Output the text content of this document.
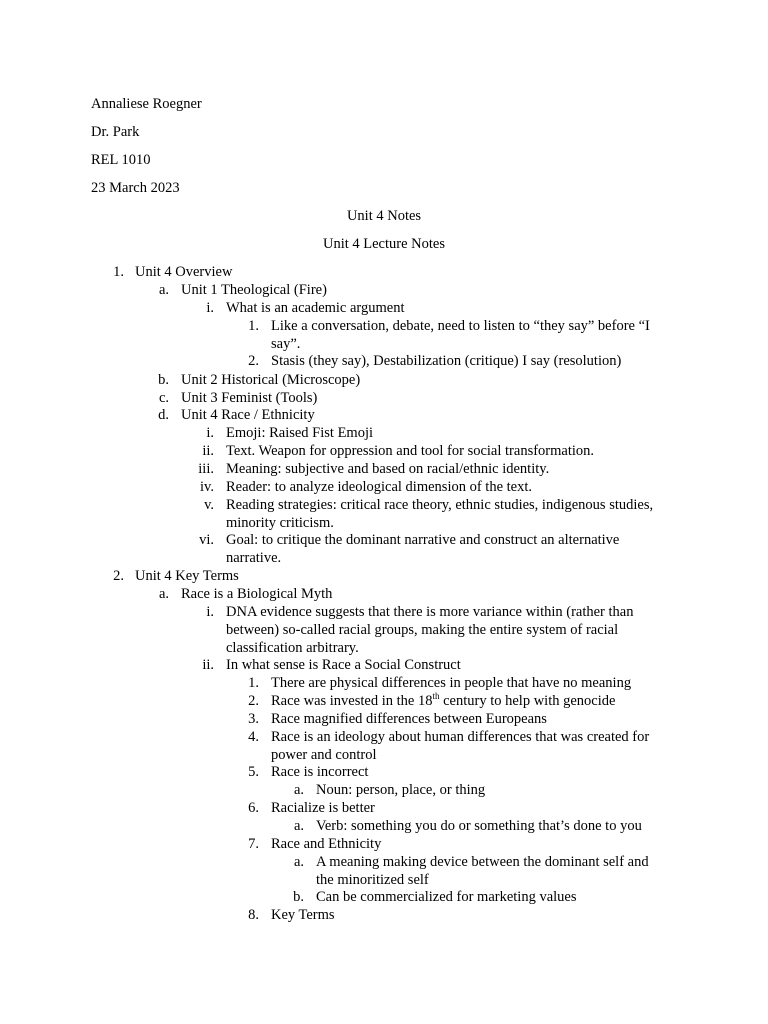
Annaliese Roegner
Dr. Park
REL 1010
23 March 2023
Unit 4 Notes
Unit 4 Lecture Notes
1. Unit 4 Overview
a. Unit 1 Theological (Fire)
i. What is an academic argument
1. Like a conversation, debate, need to listen to “they say” before “I
say”.
2. Stasis (they say), Destabilization (critique) I say (resolution)
b. Unit 2 Historical (Microscope)
c. Unit 3 Feminist (Tools)
d. Unit 4 Race / Ethnicity
i. Emoji: Raised Fist Emoji
ii. Text. Weapon for oppression and tool for social transformation.
iii. Meaning: subjective and based on racial/ethnic identity.
iv. Reader: to analyze ideological dimension of the text.
v. Reading strategies: critical race theory, ethnic studies, indigenous studies,
minority criticism.
vi. Goal: to critique the dominant narrative and construct an alternative
narrative.
2. Unit 4 Key Terms
a. Race is a Biological Myth
i. DNA evidence suggests that there is more variance within (rather than
between) so-called racial groups, making the entire system of racial
classification arbitrary.
ii. In what sense is Race a Social Construct
1. There are physical differences in people that have no meaning
2. Race was invested in the 18th century to help with genocide
3. Race magnified differences between Europeans
4. Race is an ideology about human differences that was created for
power and control
5. Race is incorrect
a. Noun: person, place, or thing
6. Racialize is better
a. Verb: something you do or something that’s done to you
7. Race and Ethnicity
a. A meaning making device between the dominant self and
the minoritized self
b. Can be commercialized for marketing values
8. Key Terms
